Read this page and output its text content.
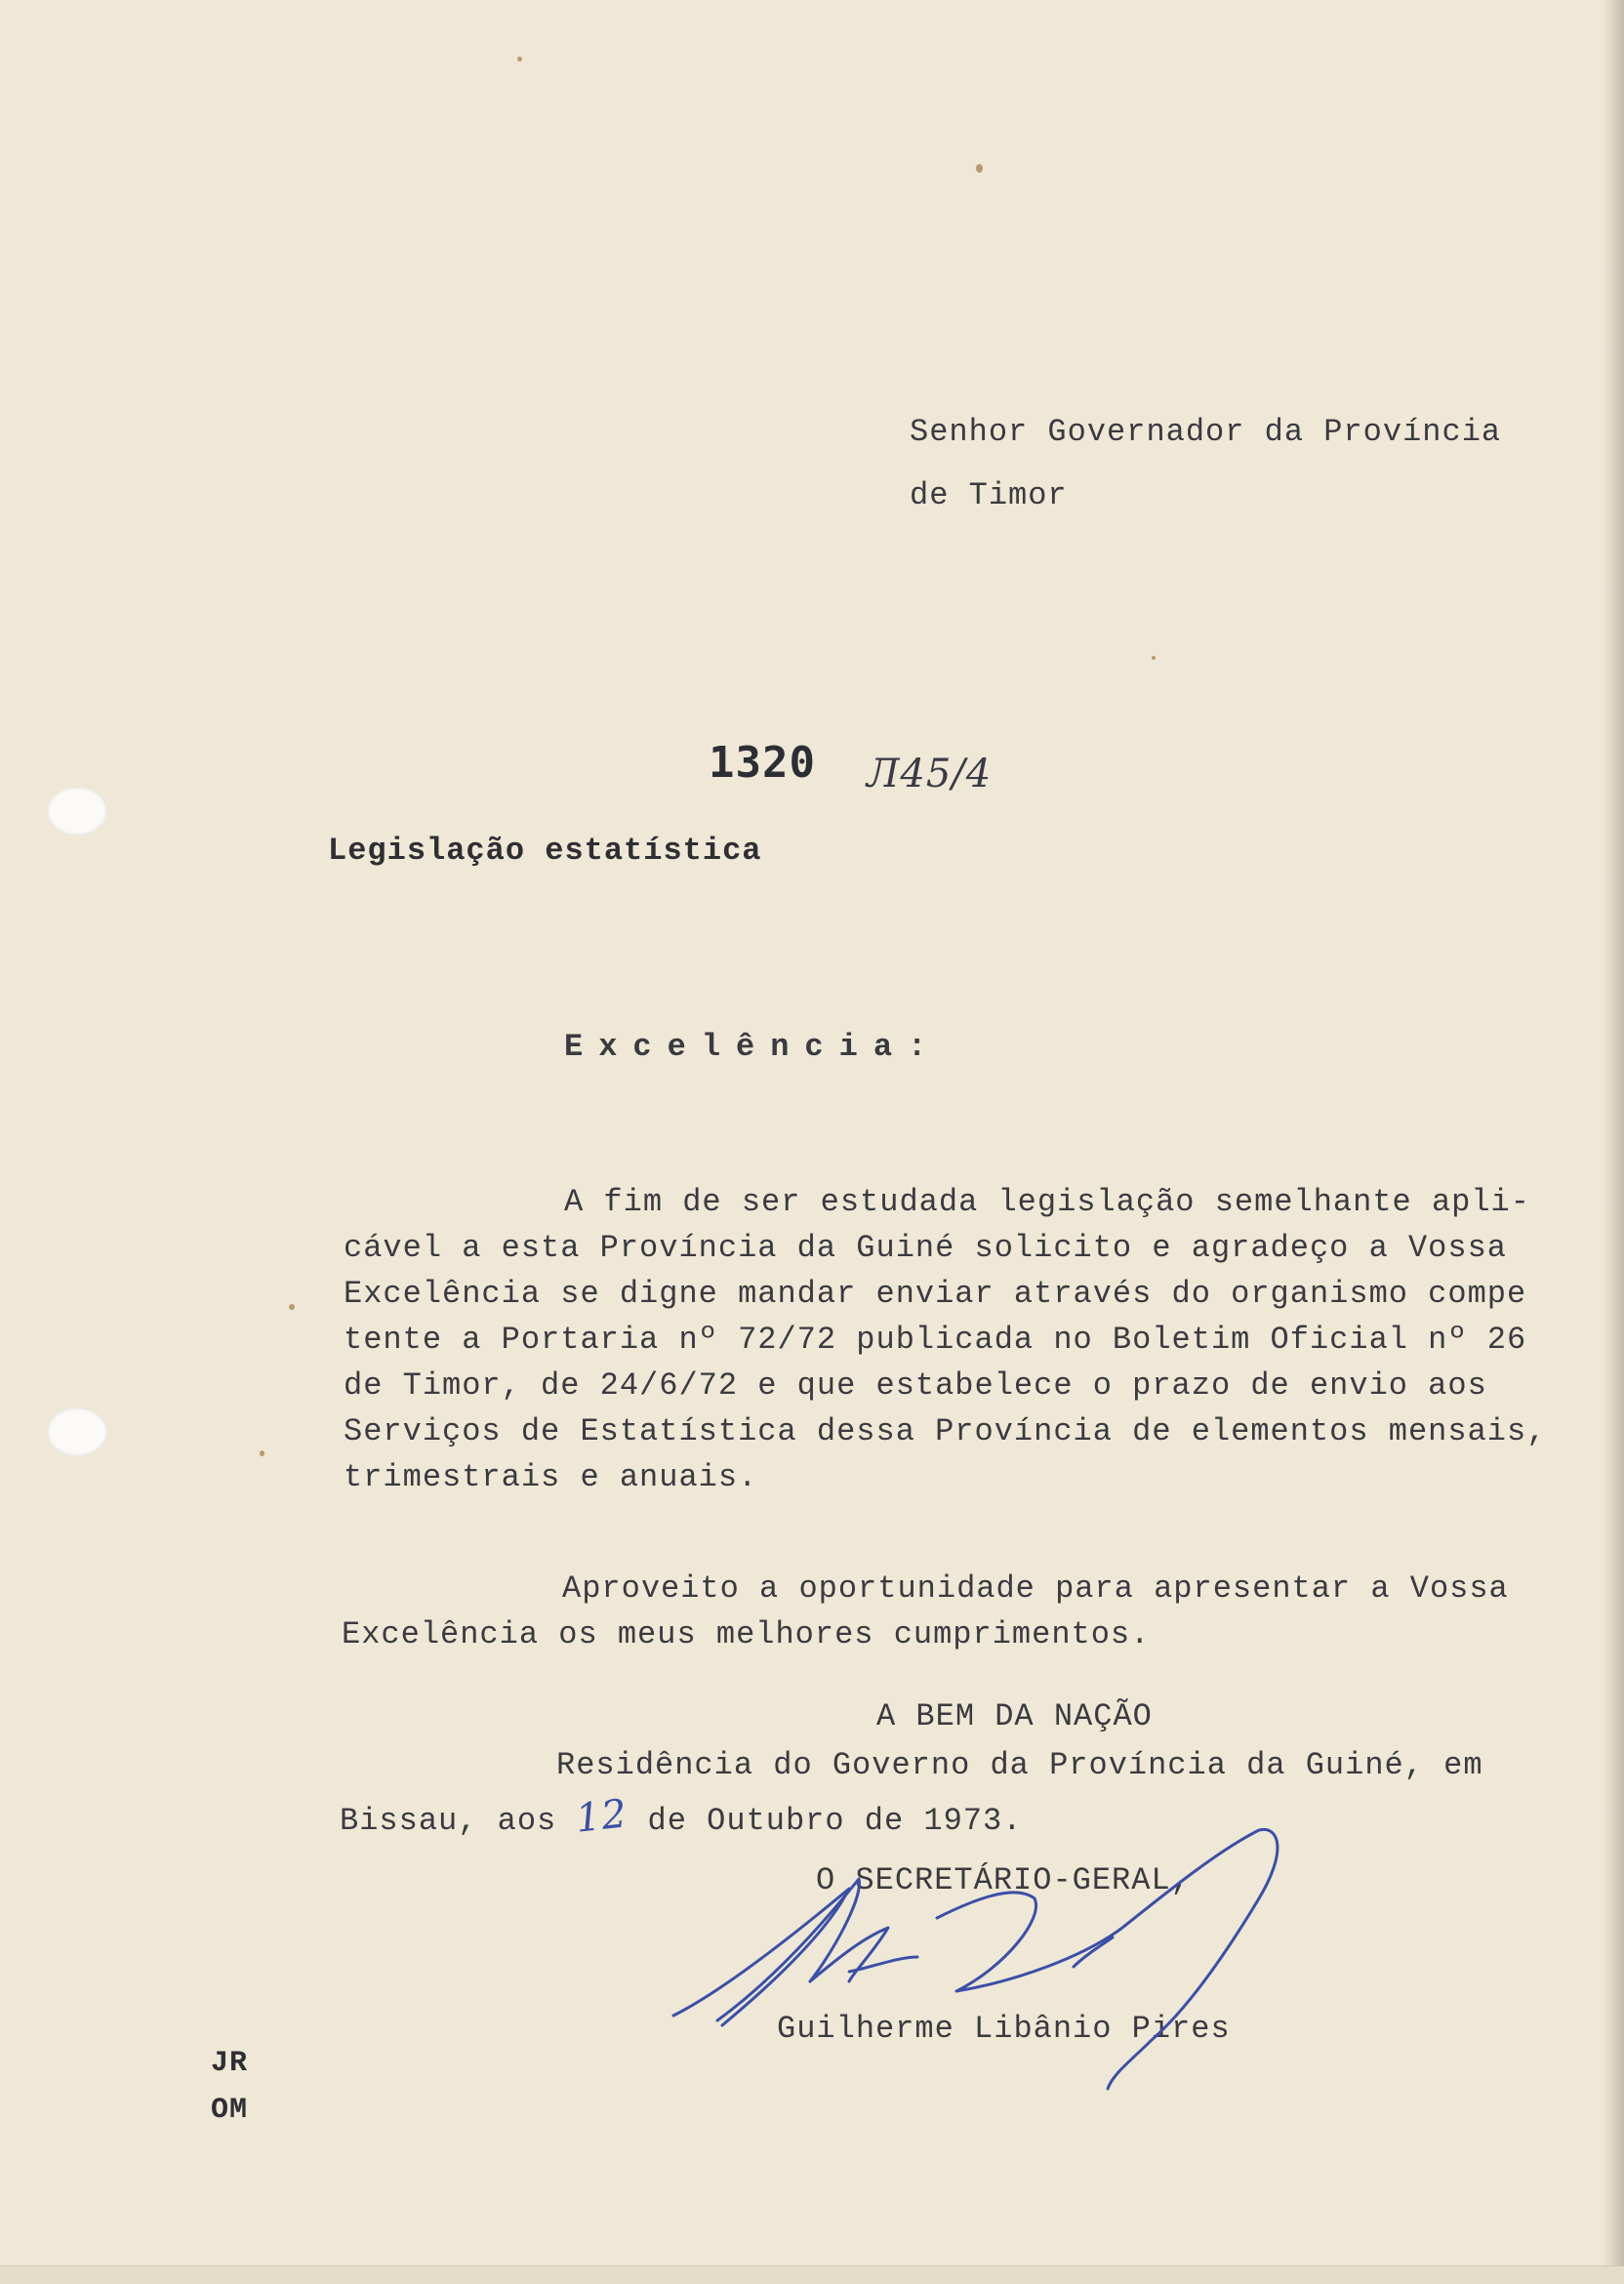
Senhor Governador da Província

de Timor

1320 Л45/4

Legislação estatística

Excelência:

A fim de ser estudada legislação semelhante apli-

cável a esta Província da Guiné solicito e agradeço a Vossa

Excelência se digne mandar enviar através do organismo compe

tente a Portaria nº 72/72 publicada no Boletim Oficial nº 26

de Timor, de 24/6/72 e que estabelece o prazo de envio aos

Serviços de Estatística dessa Província de elementos mensais,

trimestrais e anuais.

Aproveito a oportunidade para apresentar a Vossa

Excelência os meus melhores cumprimentos.

A BEM DA NAÇÃO

Residência do Governo da Província da Guiné, em

Bissau, aos 12 de Outubro de 1973.

O SECRETÁRIO-GERAL,

Guilherme Libânio Pires

JR

OM
